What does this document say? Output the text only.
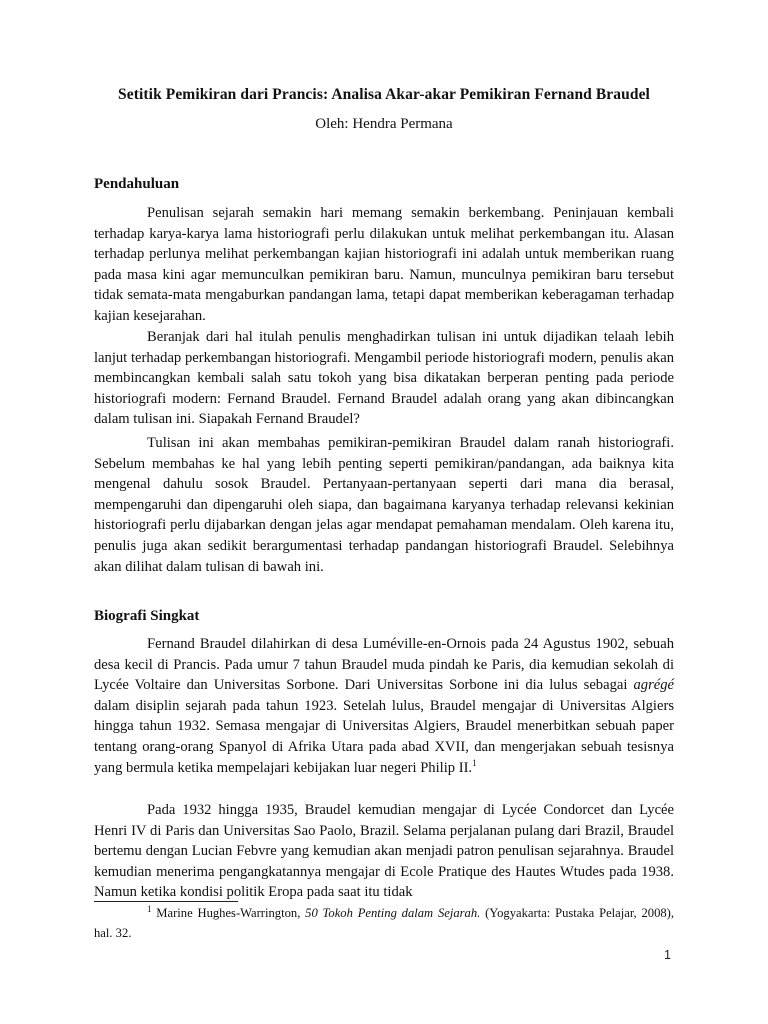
Setitik Pemikiran dari Prancis: Analisa Akar-akar Pemikiran Fernand Braudel
Oleh: Hendra Permana
Pendahuluan
Penulisan sejarah semakin hari memang semakin berkembang. Peninjauan kembali terhadap karya-karya lama historiografi perlu dilakukan untuk melihat perkembangan itu. Alasan terhadap perlunya melihat perkembangan kajian historiografi ini adalah untuk memberikan ruang pada masa kini agar memunculkan pemikiran baru. Namun, munculnya pemikiran baru tersebut tidak semata-mata mengaburkan pandangan lama, tetapi dapat memberikan keberagaman terhadap kajian kesejarahan.
Beranjak dari hal itulah penulis menghadirkan tulisan ini untuk dijadikan telaah lebih lanjut terhadap perkembangan historiografi. Mengambil periode historiografi modern, penulis akan membincangkan kembali salah satu tokoh yang bisa dikatakan berperan penting pada periode historiografi modern: Fernand Braudel. Fernand Braudel adalah orang yang akan dibincangkan dalam tulisan ini. Siapakah Fernand Braudel?
Tulisan ini akan membahas pemikiran-pemikiran Braudel dalam ranah historiografi. Sebelum membahas ke hal yang lebih penting seperti pemikiran/pandangan, ada baiknya kita mengenal dahulu sosok Braudel. Pertanyaan-pertanyaan seperti dari mana dia berasal, mempengaruhi dan dipengaruhi oleh siapa, dan bagaimana karyanya terhadap relevansi kekinian historiografi perlu dijabarkan dengan jelas agar mendapat pemahaman mendalam. Oleh karena itu, penulis juga akan sedikit berargumentasi terhadap pandangan historiografi Braudel. Selebihnya akan dilihat dalam tulisan di bawah ini.
Biografi Singkat
Fernand Braudel dilahirkan di desa Luméville-en-Ornois pada 24 Agustus 1902, sebuah desa kecil di Prancis. Pada umur 7 tahun Braudel muda pindah ke Paris, dia kemudian sekolah di Lycée Voltaire dan Universitas Sorbone. Dari Universitas Sorbone ini dia lulus sebagai agrégé dalam disiplin sejarah pada tahun 1923. Setelah lulus, Braudel mengajar di Universitas Algiers hingga tahun 1932. Semasa mengajar di Universitas Algiers, Braudel menerbitkan sebuah paper tentang orang-orang Spanyol di Afrika Utara pada abad XVII, dan mengerjakan sebuah tesisnya yang bermula ketika mempelajari kebijakan luar negeri Philip II.$^1$
Pada 1932 hingga 1935, Braudel kemudian mengajar di Lycée Condorcet dan Lycée Henri IV di Paris dan Universitas Sao Paolo, Brazil. Selama perjalanan pulang dari Brazil, Braudel bertemu dengan Lucian Febvre yang kemudian akan menjadi patron penulisan sejarahnya. Braudel kemudian menerima pengangkatannya mengajar di Ecole Pratique des Hautes Wtudes pada 1938. Namun ketika kondisi politik Eropa pada saat itu tidak
$^1$ Marine Hughes-Warrington, 50 Tokoh Penting dalam Sejarah. (Yogyakarta: Pustaka Pelajar, 2008), hal. 32.
1
